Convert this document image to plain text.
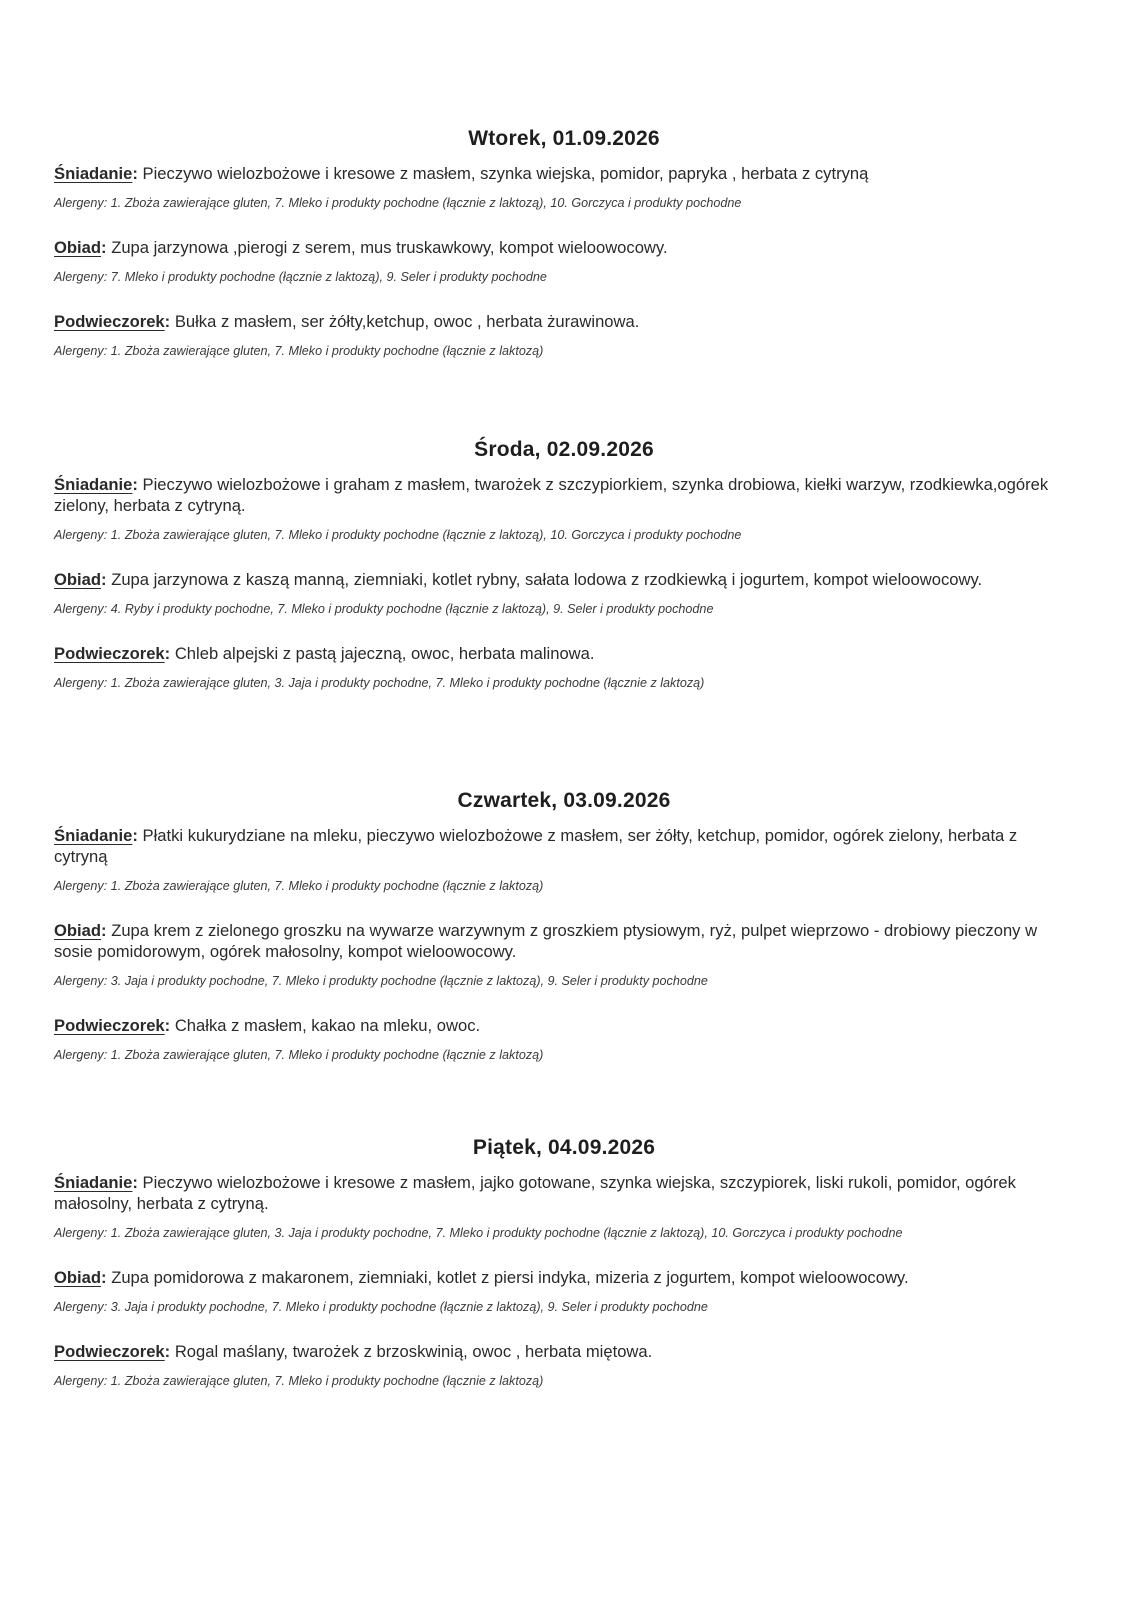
Wtorek, 01.09.2026

Śniadanie: Pieczywo wielozbożowe i kresowe z masłem, szynka wiejska, pomidor, papryka , herbata z cytryną

Alergeny: 1. Zboża zawierające gluten, 7. Mleko i produkty pochodne (łącznie z laktozą), 10. Gorczyca i produkty pochodne

Obiad: Zupa jarzynowa ,pierogi z serem, mus truskawkowy, kompot wieloowocowy.

Alergeny: 7. Mleko i produkty pochodne (łącznie z laktozą), 9. Seler i produkty pochodne

Podwieczorek: Bułka z masłem, ser żółty,ketchup, owoc , herbata żurawinowa.

Alergeny: 1. Zboża zawierające gluten, 7. Mleko i produkty pochodne (łącznie z laktozą)

Środa, 02.09.2026

Śniadanie: Pieczywo wielozbożowe i graham z masłem, twarożek z szczypiorkiem, szynka drobiowa, kiełki warzyw, rzodkiewka,ogórek zielony, herbata z cytryną.

Alergeny: 1. Zboża zawierające gluten, 7. Mleko i produkty pochodne (łącznie z laktozą), 10. Gorczyca i produkty pochodne

Obiad: Zupa jarzynowa z kaszą manną, ziemniaki, kotlet rybny, sałata lodowa z rzodkiewką i jogurtem, kompot wieloowocowy.

Alergeny: 4. Ryby i produkty pochodne, 7. Mleko i produkty pochodne (łącznie z laktozą), 9. Seler i produkty pochodne

Podwieczorek: Chleb alpejski z pastą jajeczną, owoc, herbata malinowa.

Alergeny: 1. Zboża zawierające gluten, 3. Jaja i produkty pochodne, 7. Mleko i produkty pochodne (łącznie z laktozą)

Czwartek, 03.09.2026

Śniadanie: Płatki kukurydziane na mleku, pieczywo wielozbożowe z masłem, ser żółty, ketchup, pomidor, ogórek zielony, herbata z cytryną

Alergeny: 1. Zboża zawierające gluten, 7. Mleko i produkty pochodne (łącznie z laktozą)

Obiad: Zupa krem z zielonego groszku na wywarze warzywnym z groszkiem ptysiowym, ryż, pulpet wieprzowo - drobiowy pieczony w sosie pomidorowym, ogórek małosolny, kompot wieloowocowy.

Alergeny: 3. Jaja i produkty pochodne, 7. Mleko i produkty pochodne (łącznie z laktozą), 9. Seler i produkty pochodne

Podwieczorek: Chałka z masłem, kakao na mleku, owoc.

Alergeny: 1. Zboża zawierające gluten, 7. Mleko i produkty pochodne (łącznie z laktozą)

Piątek, 04.09.2026

Śniadanie: Pieczywo wielozbożowe i kresowe z masłem, jajko gotowane, szynka wiejska, szczypiorek, liski rukoli, pomidor, ogórek małosolny, herbata z cytryną.

Alergeny: 1. Zboża zawierające gluten, 3. Jaja i produkty pochodne, 7. Mleko i produkty pochodne (łącznie z laktozą), 10. Gorczyca i produkty pochodne

Obiad: Zupa pomidorowa z makaronem, ziemniaki, kotlet z piersi indyka, mizeria z jogurtem, kompot wieloowocowy.

Alergeny: 3. Jaja i produkty pochodne, 7. Mleko i produkty pochodne (łącznie z laktozą), 9. Seler i produkty pochodne

Podwieczorek: Rogal maślany, twarożek z brzoskwinią, owoc , herbata miętowa.

Alergeny: 1. Zboża zawierające gluten, 7. Mleko i produkty pochodne (łącznie z laktozą)
